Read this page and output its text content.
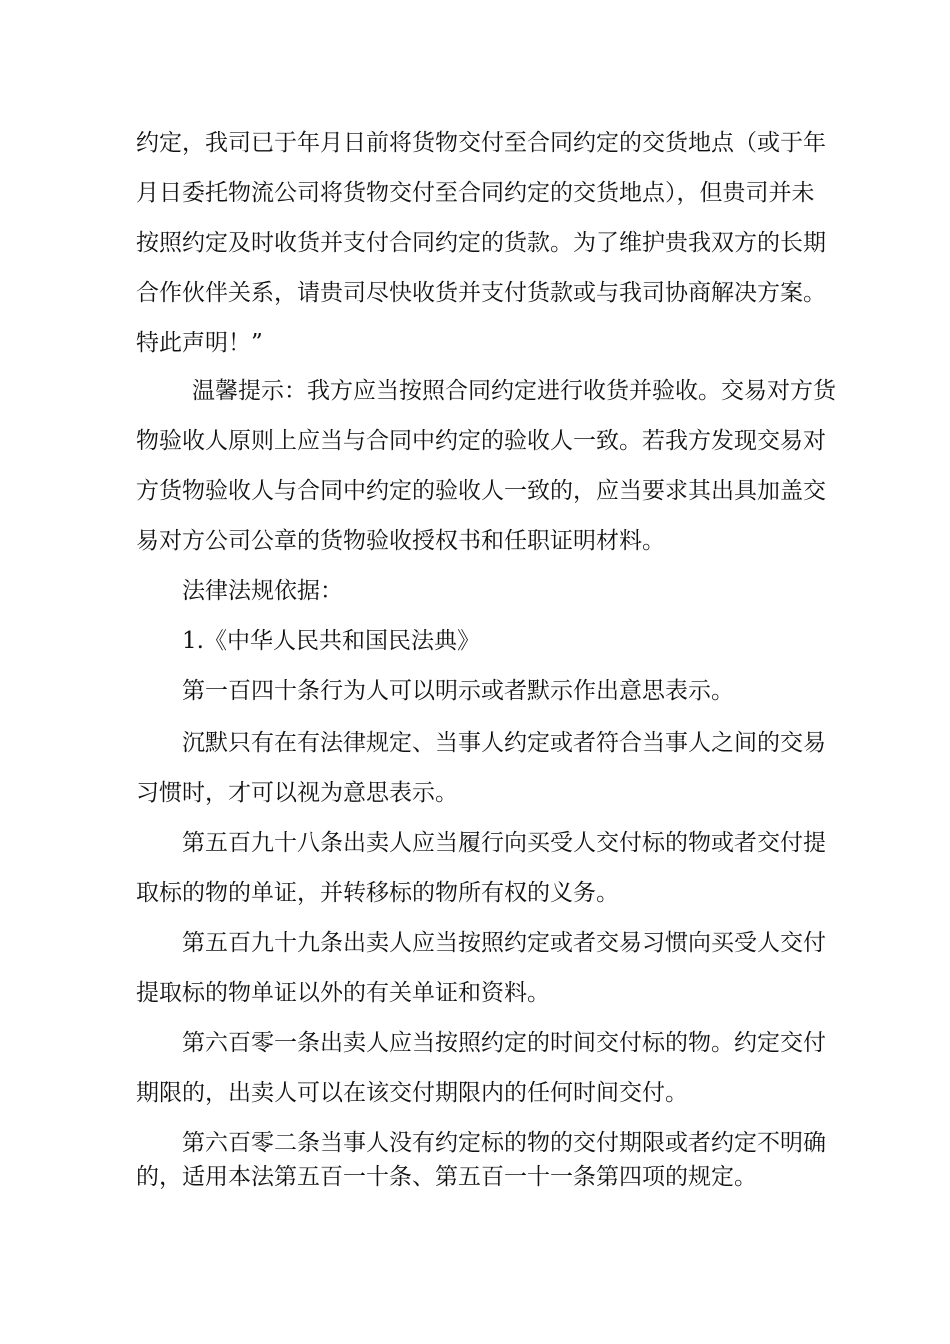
约定，我司已于年月日前将货物交付至合同约定的交货地点（或于年
月日委托物流公司将货物交付至合同约定的交货地点），但贵司并未
按照约定及时收货并支付合同约定的货款。为了维护贵我双方的长期
合作伙伴关系，请贵司尽快收货并支付货款或与我司协商解决方案。
特此声明！”
温馨提示：我方应当按照合同约定进行收货并验收。交易对方货
物验收人原则上应当与合同中约定的验收人一致。若我方发现交易对
方货物验收人与合同中约定的验收人一致的，应当要求其出具加盖交
易对方公司公章的货物验收授权书和任职证明材料。
法律法规依据：
1.《中华人民共和国民法典》
第一百四十条行为人可以明示或者默示作出意思表示。
沉默只有在有法律规定、当事人约定或者符合当事人之间的交易
习惯时，才可以视为意思表示。
第五百九十八条出卖人应当履行向买受人交付标的物或者交付提
取标的物的单证，并转移标的物所有权的义务。
第五百九十九条出卖人应当按照约定或者交易习惯向买受人交付
提取标的物单证以外的有关单证和资料。
第六百零一条出卖人应当按照约定的时间交付标的物。约定交付
期限的，出卖人可以在该交付期限内的任何时间交付。
第六百零二条当事人没有约定标的物的交付期限或者约定不明确
的，适用本法第五百一十条、第五百一十一条第四项的规定。
